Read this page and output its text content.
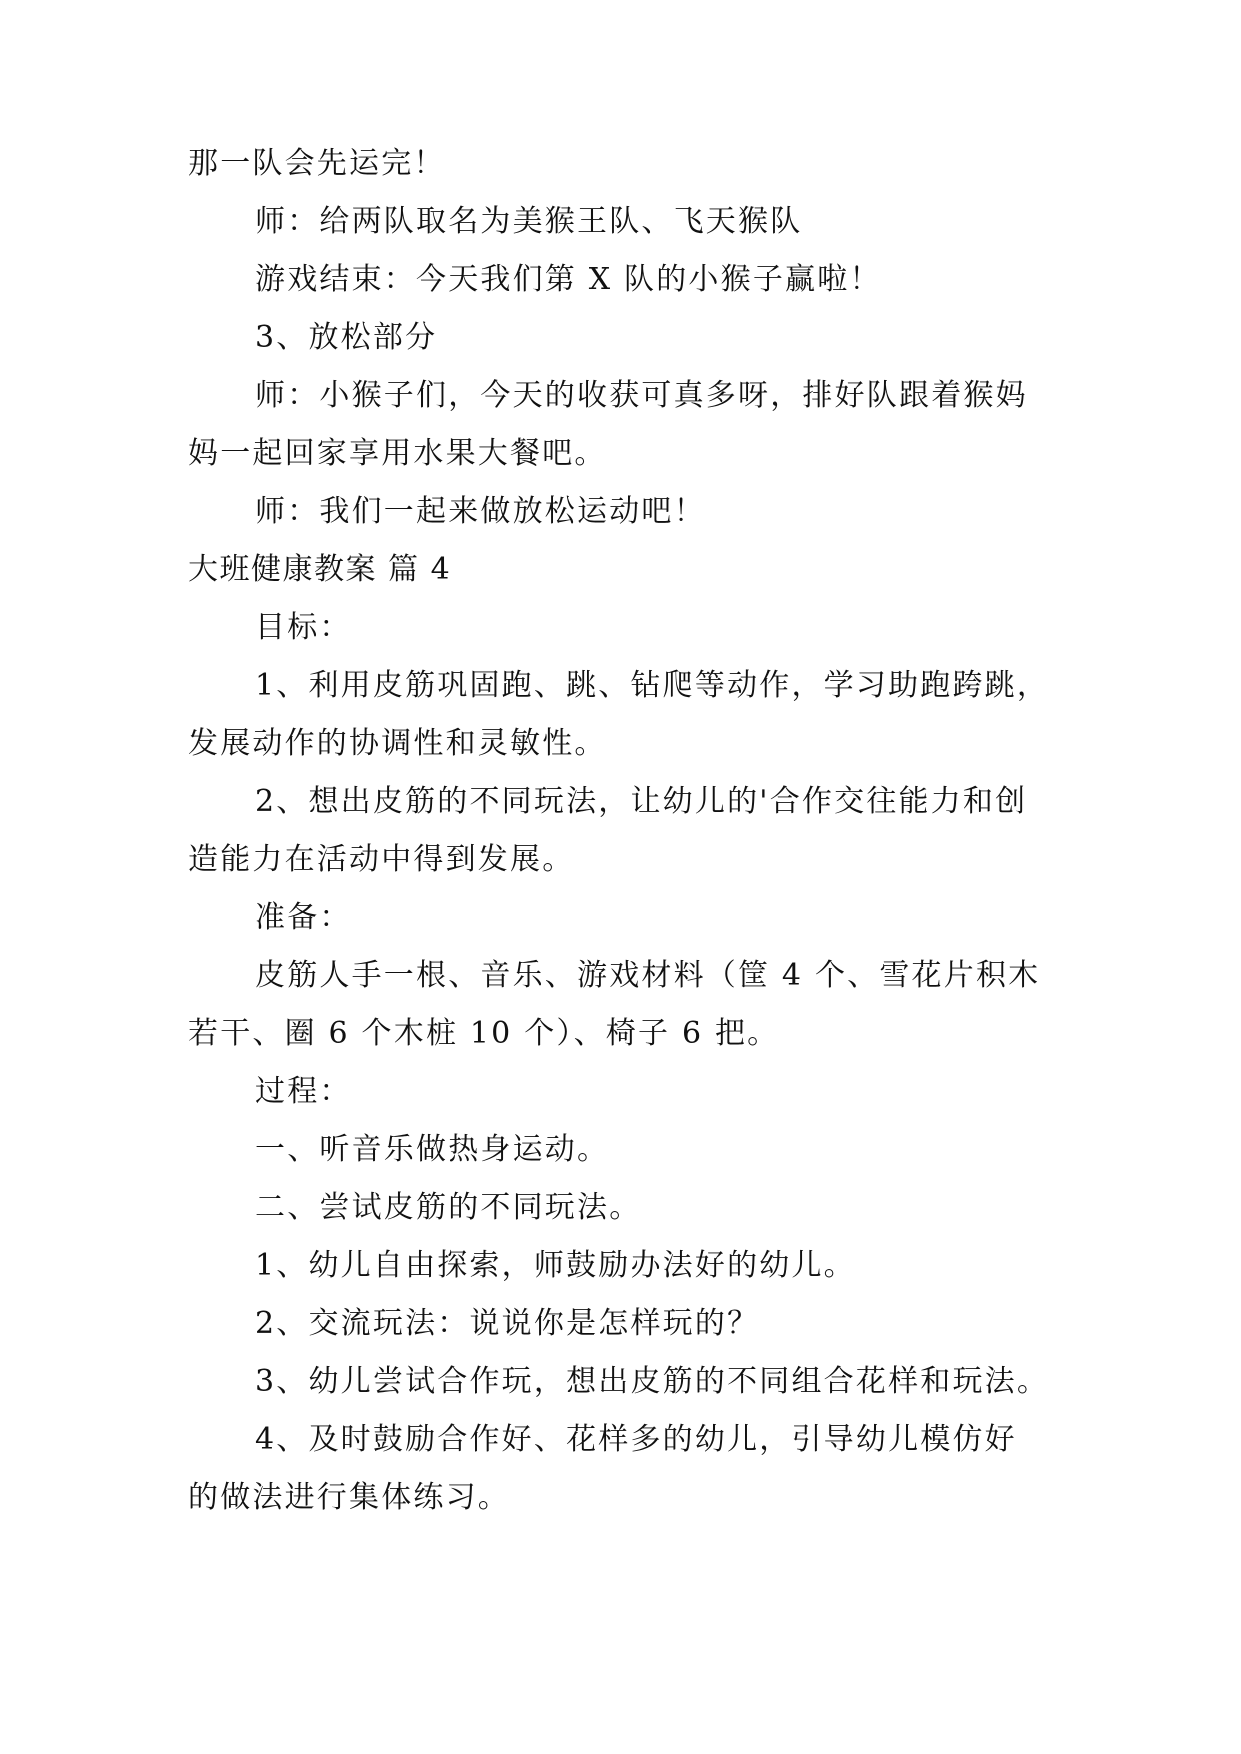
那一队会先运完！
师：给两队取名为美猴王队、飞天猴队
游戏结束：今天我们第 X 队的小猴子赢啦！
3、放松部分
师：小猴子们，今天的收获可真多呀，排好队跟着猴妈
妈一起回家享用水果大餐吧。
师：我们一起来做放松运动吧！
大班健康教案 篇 4
目标：
1、利用皮筋巩固跑、跳、钻爬等动作，学习助跑跨跳，
发展动作的协调性和灵敏性。
2、想出皮筋的不同玩法，让幼儿的'合作交往能力和创
造能力在活动中得到发展。
准备：
皮筋人手一根、音乐、游戏材料（筐 4 个、雪花片积木
若干、圈 6 个木桩 10 个）、椅子 6 把。
过程：
一、听音乐做热身运动。
二、尝试皮筋的不同玩法。
1、幼儿自由探索，师鼓励办法好的幼儿。
2、交流玩法：说说你是怎样玩的？
3、幼儿尝试合作玩，想出皮筋的不同组合花样和玩法。
4、及时鼓励合作好、花样多的幼儿，引导幼儿模仿好
的做法进行集体练习。
